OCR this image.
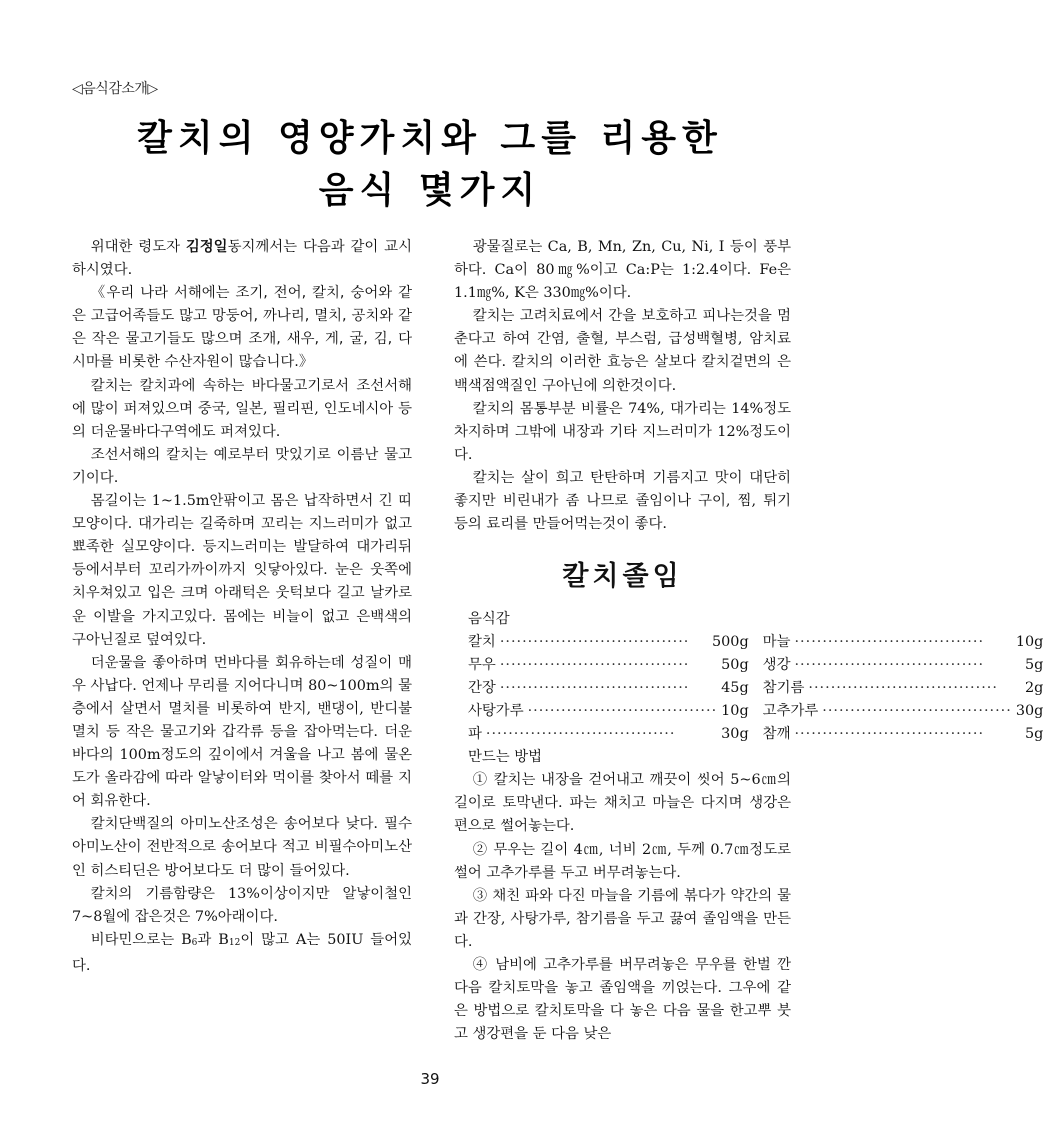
◁음식감소개▷
칼치의 영양가치와 그를 리용한
음식 몇가지

위대한 령도자 김정일동지께서는 다음과 같이 교시하시였다.

《우리 나라 서해에는 조기, 전어, 칼치, 숭어와 같은 고급어족들도 많고 망둥어, 까나리, 멸치, 공치와 같은 작은 물고기들도 많으며 조개, 새우, 게, 굴, 김, 다시마를 비롯한 수산자원이 많습니다.》

칼치는 칼치과에 속하는 바다물고기로서 조선서해에 많이 퍼져있으며 중국, 일본, 필리핀, 인도네시아 등의 더운물바다구역에도 퍼져있다.

조선서해의 칼치는 예로부터 맛있기로 이름난 물고기이다.

몸길이는 1~1.5m안팎이고 몸은 납작하면서 긴 띠모양이다. 대가리는 길죽하며 꼬리는 지느러미가 없고 뾰족한 실모양이다. 등지느러미는 발달하여 대가리뒤등에서부터 꼬리가까이까지 잇닿아있다. 눈은 웃쪽에 치우쳐있고 입은 크며 아래턱은 웃턱보다 길고 날카로운 이발을 가지고있다. 몸에는 비늘이 없고 은백색의 구아닌질로 덮여있다.

더운물을 좋아하며 먼바다를 회유하는데 성질이 매우 사납다. 언제나 무리를 지어다니며 80~100m의 물층에서 살면서 멸치를 비롯하여 반지, 밴댕이, 반디불멸치 등 작은 물고기와 갑각류 등을 잡아먹는다. 더운 바다의 100m정도의 깊이에서 겨울을 나고 봄에 물온도가 올라감에 따라 알낳이터와 먹이를 찾아서 떼를 지어 회유한다.

칼치단백질의 아미노산조성은 송어보다 낮다. 필수아미노산이 전반적으로 송어보다 적고 비필수아미노산인 히스티딘은 방어보다도 더 많이 들어있다.

칼치의 기름함량은 13%이상이지만 알낳이철인 7~8월에 잡은것은 7%아래이다.

비타민으로는 $B_6$과 $B_{12}$이 많고 A는 50IU 들어있다.

광물질로는 Ca, B, Mn, Zn, Cu, Ni, I 등이 풍부하다. Ca이 80㎎%이고 Ca:P는 1:2.4이다. Fe은 1.1㎎%, K은 330㎎%이다.

칼치는 고려치료에서 간을 보호하고 피나는것을 멈춘다고 하여 간염, 출혈, 부스럼, 급성백혈병, 암치료에 쓴다. 칼치의 이러한 효능은 살보다 칼치겉면의 은백색점액질인 구아닌에 의한것이다.

칼치의 몸통부분 비률은 74%, 대가리는 14%정도 차지하며 그밖에 내장과 기타 지느러미가 12%정도이다.

칼치는 살이 희고 탄탄하며 기름지고 맛이 대단히 좋지만 비린내가 좀 나므로 졸임이나 구이, 찜, 튀기 등의 료리를 만들어먹는것이 좋다.

칼치졸임
음식감
칼치 ·····	500g 마늘 ·····	10g
무우 ·····	50g 생강 ·····	5g
간장 ·····	45g 참기름 ·····	2g
사탕가루 ·····	10g 고추가루 ·····	30g
파 ·····	30g 참깨 ·····	5g
만드는 방법

① 칼치는 내장을 걷어내고 깨끗이 씻어 5~6㎝의 길이로 토막낸다. 파는 채치고 마늘은 다지며 생강은 편으로 썰어놓는다.

② 무우는 길이 4㎝, 너비 2㎝, 두께 0.7㎝정도로 썰어 고추가루를 두고 버무려놓는다.

③ 채친 파와 다진 마늘을 기름에 볶다가 약간의 물과 간장, 사탕가루, 참기름을 두고 끓여 졸임액을 만든다.

④ 남비에 고추가루를 버무려놓은 무우를 한벌 깐 다음 칼치토막을 놓고 졸임액을 끼얹는다. 그우에 같은 방법으로 칼치토막을 다 놓은 다음 물을 한고뿌 붓고 생강편을 둔 다음 낮은

39
